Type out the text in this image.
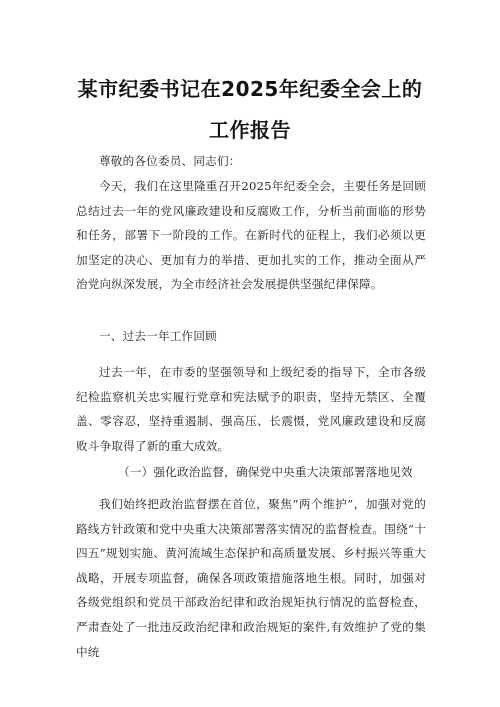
某市纪委书记在2025年纪委全会上的
工作报告
尊敬的各位委员、同志们：
今天，我们在这里隆重召开2025年纪委全会，主要任务是回顾总结过去一年的党风廉政建设和反腐败工作，分析当前面临的形势和任务，部署下一阶段的工作。在新时代的征程上，我们必须以更加坚定的决心、更加有力的举措、更加扎实的工作，推动全面从严治党向纵深发展，为全市经济社会发展提供坚强纪律保障。
一、过去一年工作回顾
过去一年，在市委的坚强领导和上级纪委的指导下，全市各级纪检监察机关忠实履行党章和宪法赋予的职责，坚持无禁区、全覆盖、零容忍，坚持重遏制、强高压、长震慑，党风廉政建设和反腐败斗争取得了新的重大成效。
（一）强化政治监督，确保党中央重大决策部署落地见效
我们始终把政治监督摆在首位，聚焦“两个维护”，加强对党的路线方针政策和党中央重大决策部署落实情况的监督检查。围绕“十四五”规划实施、黄河流域生态保护和高质量发展、乡村振兴等重大战略，开展专项监督，确保各项政策措施落地生根。同时，加强对各级党组织和党员干部政治纪律和政治规矩执行情况的监督检查，严肃查处了一批违反政治纪律和政治规矩的案件,有效维护了党的集中统
